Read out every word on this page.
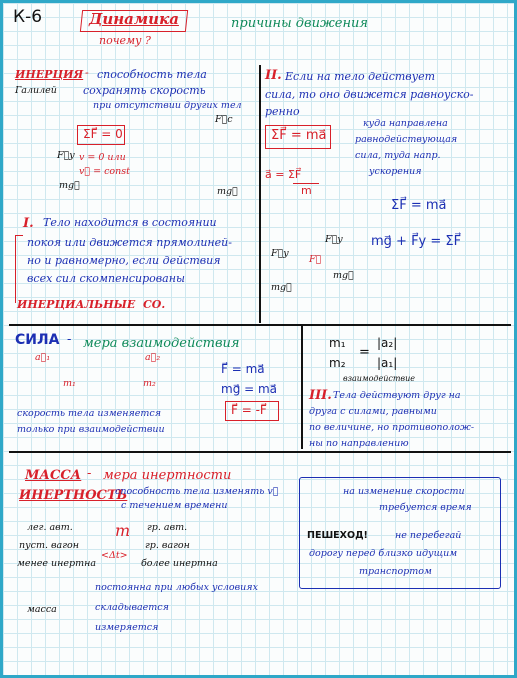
К-6	Динамика
почему ?
причины движения
ИНЕРЦИЯ - способность тела
Галилей сохранять скорость
при отсутствии других тел
F⃗y
mg⃗
ΣF⃗ = 0
v = 0 или
v⃗ = const
F⃗c
mg⃗
I. Тело находится в состоянии
покоя или движется прямолиней-
но и равномерно, если действия
всех сил скомпенсированы
ИНЕРЦИАЛЬНЫЕ СО.
II. Если на тело действует
сила, то оно движется равноуско-
ренно
ΣF⃗ = ma⃗
a⃗ = ΣF⃗
m
куда направлена
равнодействующая
сила, туда напр.
ускорения
ΣF⃗ = ma⃗
mg⃗ + F⃗y = ΣF⃗
F⃗y
mg⃗
F⃗y
mg⃗
F⃗
СИЛА - мера взаимодействия
a⃗₁	a⃗₂
m₁	m₂
скорость тела изменяется
только при взаимодействии
F⃗ = ma⃗
mg⃗ = ma⃗
F⃗ = -F⃗
m₁
m₂
=
|a₂|
|a₁|
взаимодействие
III. Тела действуют друг на
друга с силами, равными
по величине, но противополож-
ны по направлению
МАССА - мера инертности
ИНЕРТНОСТЬ
способность тела изменять v⃗
с течением времени
лег. авт.
пуст. вагон
менее инертна
m
<Δt>
гр. авт.
гр. вагон
более инертна
масса
постоянна при любых условиях
складывается
измеряется
на изменение скорости
требуется время
ПЕШЕХОД!	не перебегай
дорогу перед близко идущим
транспортом
